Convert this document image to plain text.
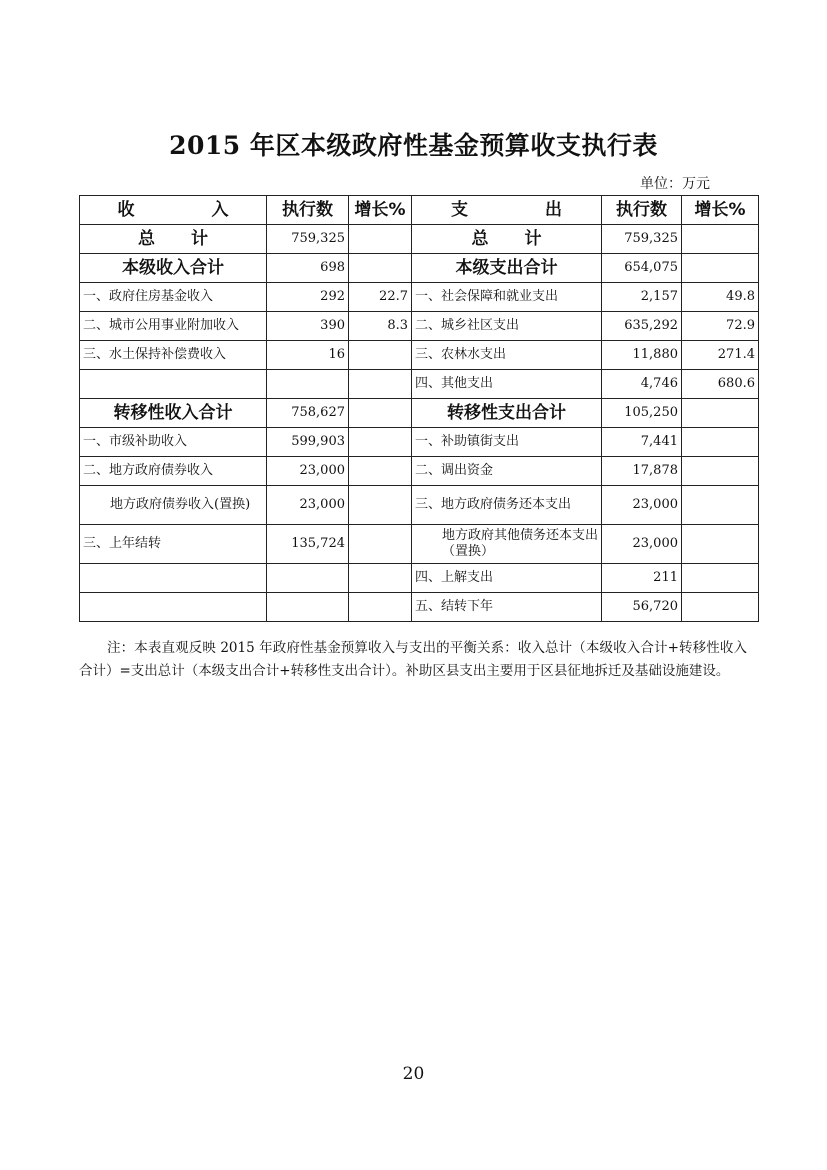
2015 年区本级政府性基金预算收支执行表
单位：万元
收　入	执行数	增长%	支　出	执行数	增长%
总计	759,325		总计	759,325	
本级收入合计	698		本级支出合计	654,075	
一、政府住房基金收入	292	22.7	一、社会保障和就业支出	2,157	49.8
二、城市公用事业附加收入	390	8.3	二、城乡社区支出	635,292	72.9
三、水土保持补偿费收入	16		三、农林水支出	11,880	271.4
			四、其他支出	4,746	680.6
转移性收入合计	758,627		转移性支出合计	105,250	
一、市级补助收入	599,903		一、补助镇街支出	7,441	
二、地方政府债券收入	23,000		二、调出资金	17,878	
地方政府债券收入(置换)	23,000		三、地方政府债务还本支出	23,000	
三、上年结转	135,724		地方政府其他债务还本支出（置换）	23,000	
			四、上解支出	211	
			五、结转下年	56,720	

注：本表直观反映 2015 年政府性基金预算收入与支出的平衡关系：收入总计（本级收入合计+转移性收入合计）=支出总计（本级支出合计+转移性支出合计）。补助区县支出主要用于区县征地拆迁及基础设施建设。

20
